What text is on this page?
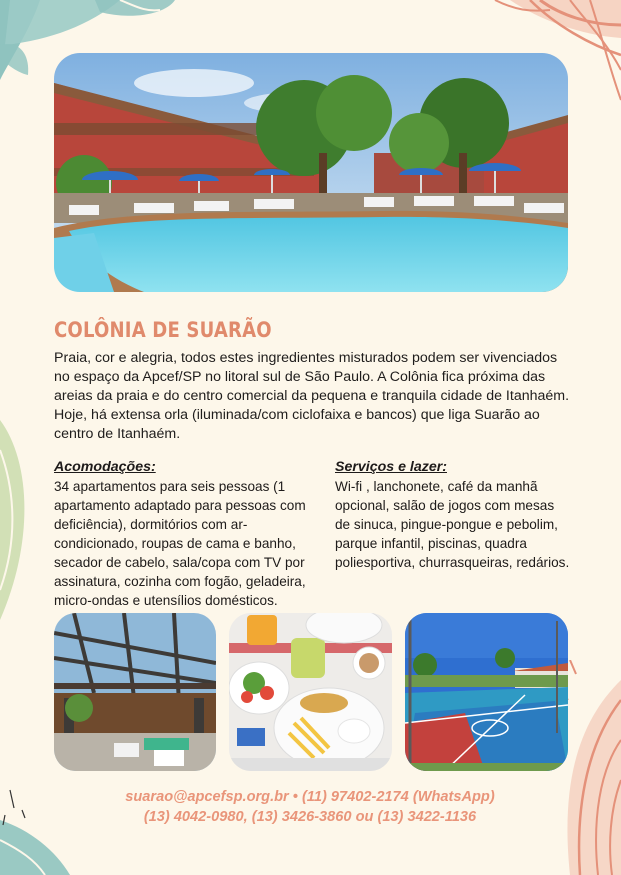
COLÔNIA DE SUARÃO
Praia, cor e alegria, todos estes ingredientes misturados podem ser vivenciados no espaço da Apcef/SP no litoral sul de São Paulo. A Colônia fica próxima das areias da praia e do centro comercial da pequena e tranquila cidade de Itanhaém. Hoje, há extensa orla (iluminada/com ciclofaixa e bancos) que liga Suarão ao centro de Itanhaém.
Acomodações:
34 apartamentos para seis pessoas (1 apartamento adaptado para pessoas com deficiência), dormitórios com ar-condicionado, roupas de cama e banho, secador de cabelo, sala/copa com TV por assinatura, cozinha com fogão, geladeira, micro-ondas e utensílios domésticos.
Serviços e lazer:
Wi-fi , lanchonete, café da manhã opcional, salão de jogos com mesas de sinuca, pingue-pongue e pebolim, parque infantil, piscinas, quadra poliesportiva, churrasqueiras, redários.
suarao@apcefsp.org.br • (11) 97402-2174 (WhatsApp)
(13) 4042-0980, (13) 3426-3860 ou (13) 3422-1136
